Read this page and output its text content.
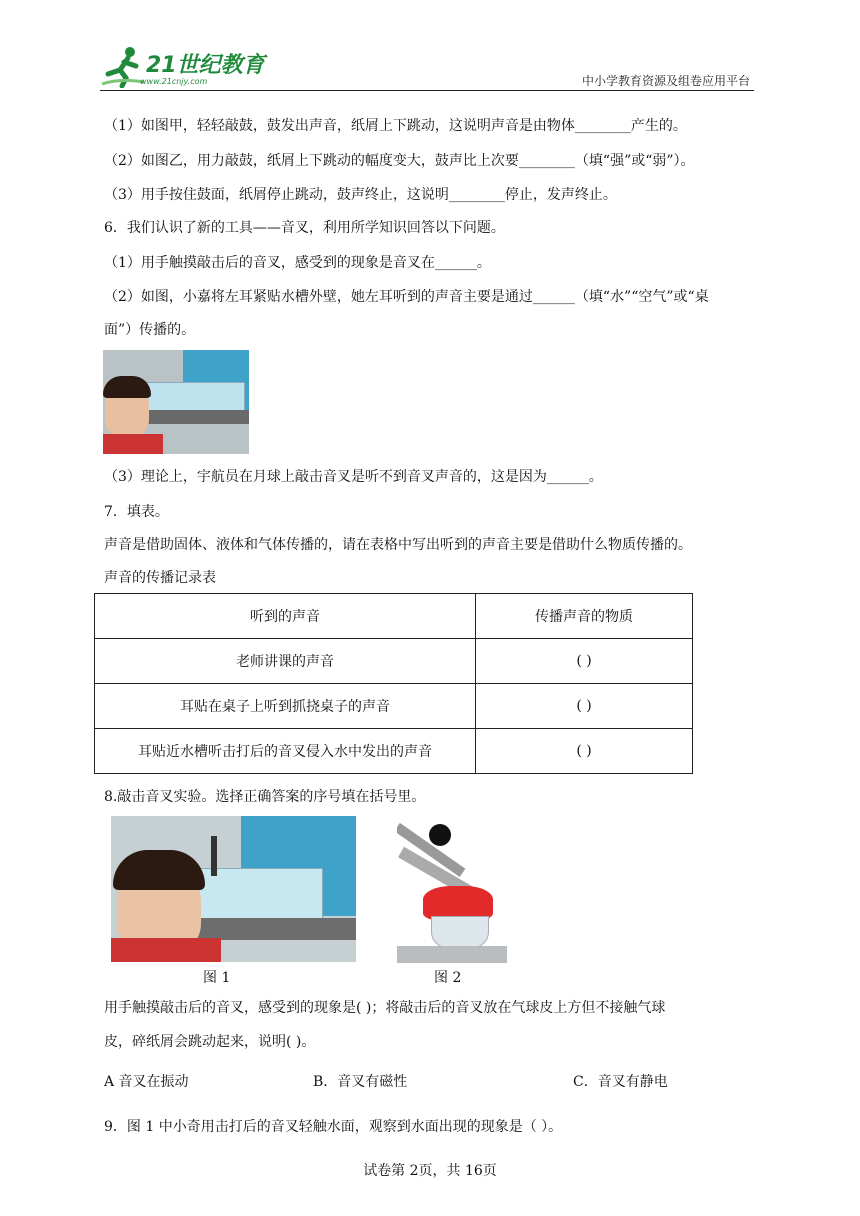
21世纪教育
www.21cnjy.com	中小学教育资源及组卷应用平台
（1）如图甲，轻轻敲鼓，鼓发出声音，纸屑上下跳动，这说明声音是由物体________产生的。
（2）如图乙，用力敲鼓，纸屑上下跳动的幅度变大，鼓声比上次要________（填“强”或“弱”）。
（3）用手按住鼓面，纸屑停止跳动，鼓声终止，这说明________停止，发声终止。
6．我们认识了新的工具——音叉，利用所学知识回答以下问题。
（1）用手触摸敲击后的音叉，感受到的现象是音叉在______。
（2）如图，小嘉将左耳紧贴水槽外壁，她左耳听到的声音主要是通过______（填“水”“空气”或“桌
面”）传播的。
（3）理论上，宇航员在月球上敲击音叉是听不到音叉声音的，这是因为______。
7．填表。
声音是借助固体、液体和气体传播的，请在表格中写出听到的声音主要是借助什么物质传播的。
声音的传播记录表
听到的声音	传播声音的物质
老师讲课的声音	( )
耳贴在桌子上听到抓挠桌子的声音	( )
耳贴近水槽听击打后的音叉侵入水中发出的声音	( )
8.敲击音叉实验。选择正确答案的序号填在括号里。
图 1	图 2
用手触摸敲击后的音叉，感受到的现象是( )；将敲击后的音叉放在气球皮上方但不接触气球
皮，碎纸屑会跳动起来，说明( )。
A 音叉在振动	B．音叉有磁性	C．音叉有静电
9．图 1 中小奇用击打后的音叉轻触水面，观察到水面出现的现象是（ ）。
试卷第 2页，共 16页
